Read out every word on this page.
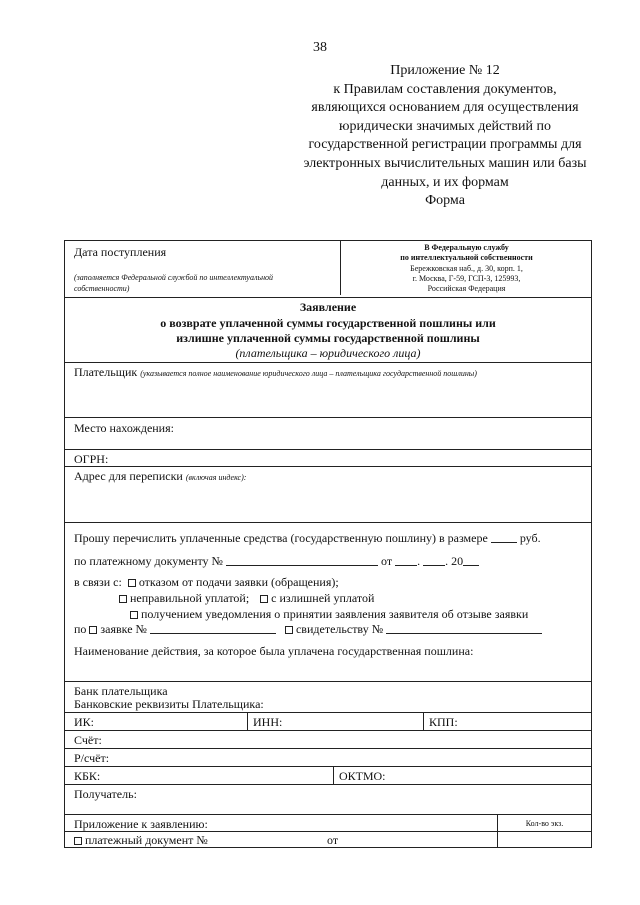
38
Приложение № 12
к Правилам составления документов,
являющихся основанием для осуществления
юридически значимых действий по
государственной регистрации программы для
электронных вычислительных машин или базы
данных, и их формам
Форма
Дата поступления
(заполняется Федеральной службой по интеллектуальной
собственности)
В Федеральную службу
по интеллектуальной собственности
Бережковская наб., д. 30, корп. 1,
г. Москва, Г-59, ГСП-3, 125993,
Российская Федерация
Заявление
о возврате уплаченной суммы государственной пошлины или
излишне уплаченной суммы государственной пошлины
(плательщика – юридического лица)
Плательщик (указывается полное наименование юридического лица – плательщика государственной пошлины)
Место нахождения:
ОГРН:
Адрес для переписки (включая индекс):
Прошу перечислить уплаченные средства (государственную пошлину) в размере	руб.
по платежному документу №	от . . 20
в связи с: отказом от подачи заявки (обращения);
неправильной уплатой; с излишней уплатой
получением уведомления о принятии заявления заявителя об отзыве заявки
по заявке №	свидетельству №
Наименование действия, за которое была уплачена государственная пошлина:
Банк плательщика
Банковские реквизиты Плательщика:
ИК:	ИНН:	КПП:
Счёт:
Р/счёт:
КБК:	ОКТМО:
Получатель:
Приложение к заявлению:	Кол-во экз.
платежный документ №	от
